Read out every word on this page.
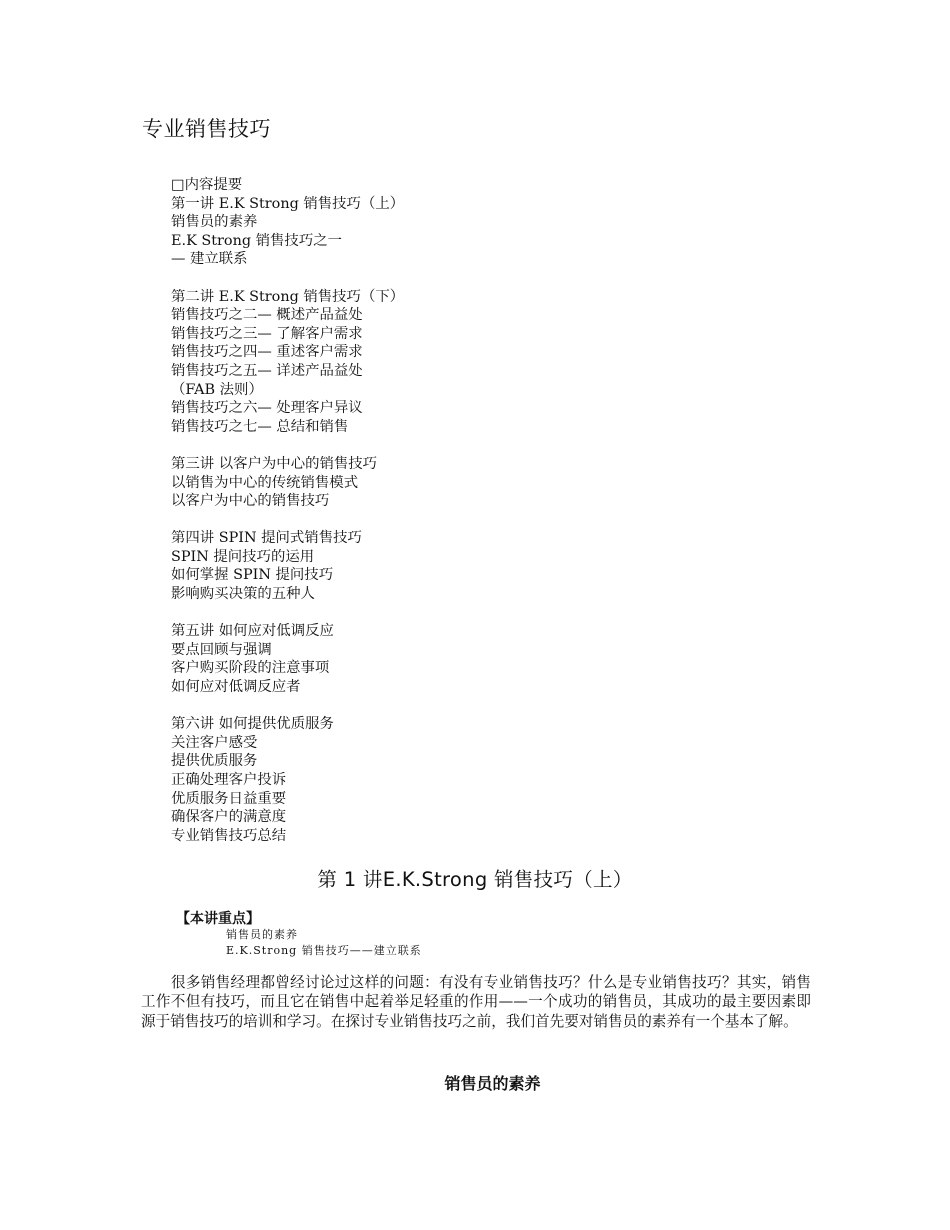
专业销售技巧
□内容提要
第一讲 E.K Strong 销售技巧（上）
销售员的素养
E.K Strong 销售技巧之一
— 建立联系
第二讲 E.K Strong 销售技巧（下）
销售技巧之二— 概述产品益处
销售技巧之三— 了解客户需求
销售技巧之四— 重述客户需求
销售技巧之五— 详述产品益处
（FAB 法则）
销售技巧之六— 处理客户异议
销售技巧之七— 总结和销售
第三讲 以客户为中心的销售技巧
以销售为中心的传统销售模式
以客户为中心的销售技巧
第四讲 SPIN 提问式销售技巧
SPIN 提问技巧的运用
如何掌握 SPIN 提问技巧
影响购买决策的五种人
第五讲 如何应对低调反应
要点回顾与强调
客户购买阶段的注意事项
如何应对低调反应者
第六讲 如何提供优质服务
关注客户感受
提供优质服务
正确处理客户投诉
优质服务日益重要
确保客户的满意度
专业销售技巧总结
第 1 讲E.K.Strong 销售技巧（上）
【本讲重点】
销售员的素养
E.K.Strong 销售技巧——建立联系

很多销售经理都曾经讨论过这样的问题：有没有专业销售技巧？什么是专业销售技巧？其实，销售工作不但有技巧，而且它在销售中起着举足轻重的作用——一个成功的销售员，其成功的最主要因素即源于销售技巧的培训和学习。在探讨专业销售技巧之前，我们首先要对销售员的素养有一个基本了解。

销售员的素养
